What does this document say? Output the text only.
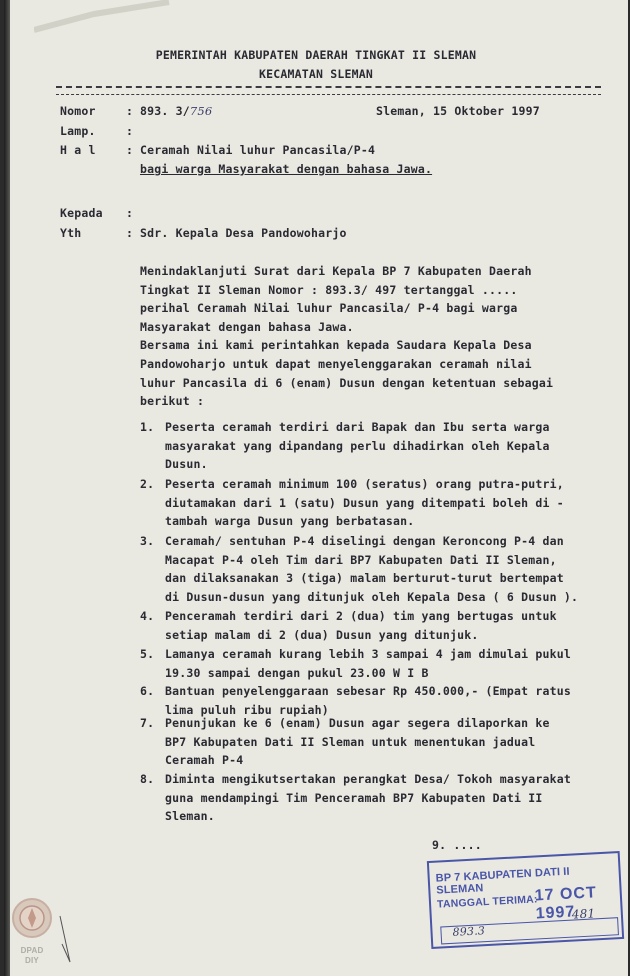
PEMERINTAH KABUPATEN DAERAH TINGKAT II SLEMAN
KECAMATAN SLEMAN
Nomor	: 893. 3/ 756	Sleman, 15 Oktober 1997
Lamp.	:
H a l	: Ceramah Nilai luhur Pancasila/P-4
bagi warga Masyarakat dengan bahasa Jawa.
Kepada	:
Yth	: Sdr. Kepala Desa Pandowoharjo
Menindaklanjuti Surat dari Kepala BP 7 Kabupaten Daerah
Tingkat II Sleman Nomor : 893.3/ 497 tertanggal .....
perihal Ceramah Nilai luhur Pancasila/ P-4 bagi warga
Masyarakat dengan bahasa Jawa.
Bersama ini kami perintahkan kepada Saudara Kepala Desa
Pandowoharjo untuk dapat menyelenggarakan ceramah nilai
luhur Pancasila di 6 (enam) Dusun dengan ketentuan sebagai
berikut :
1. Peserta ceramah terdiri dari Bapak dan Ibu serta warga
masyarakat yang dipandang perlu dihadirkan oleh Kepala
Dusun.
2. Peserta ceramah minimum 100 (seratus) orang putra-putri,
diutamakan dari 1 (satu) Dusun yang ditempati boleh di -
tambah warga Dusun yang berbatasan.
3. Ceramah/ sentuhan P-4 diselingi dengan Keroncong P-4 dan
Macapat P-4 oleh Tim dari BP7 Kabupaten Dati II Sleman,
dan dilaksanakan 3 (tiga) malam berturut-turut bertempat
di Dusun-dusun yang ditunjuk oleh Kepala Desa ( 6 Dusun ).
4. Penceramah terdiri dari 2 (dua) tim yang bertugas untuk
setiap malam di 2 (dua) Dusun yang ditunjuk.
5. Lamanya ceramah kurang lebih 3 sampai 4 jam dimulai pukul
19.30 sampai dengan pukul 23.00 W I B
6. Bantuan penyelenggaraan sebesar Rp 450.000,- (Empat ratus
lima puluh ribu rupiah)
7. Penunjukan ke 6 (enam) Dusun agar segera dilaporkan ke
BP7 Kabupaten Dati II Sleman untuk menentukan jadual
Ceramah P-4
8. Diminta mengikutsertakan perangkat Desa/ Tokoh masyarakat
guna mendampingi Tim Penceramah BP7 Kabupaten Dati II
Sleman.
9. ....
BP 7 KABUPATEN DATI II SLEMAN
TANGGAL TERIMA:
17 OCT 1997
481
893.3
DPAD
DIY
